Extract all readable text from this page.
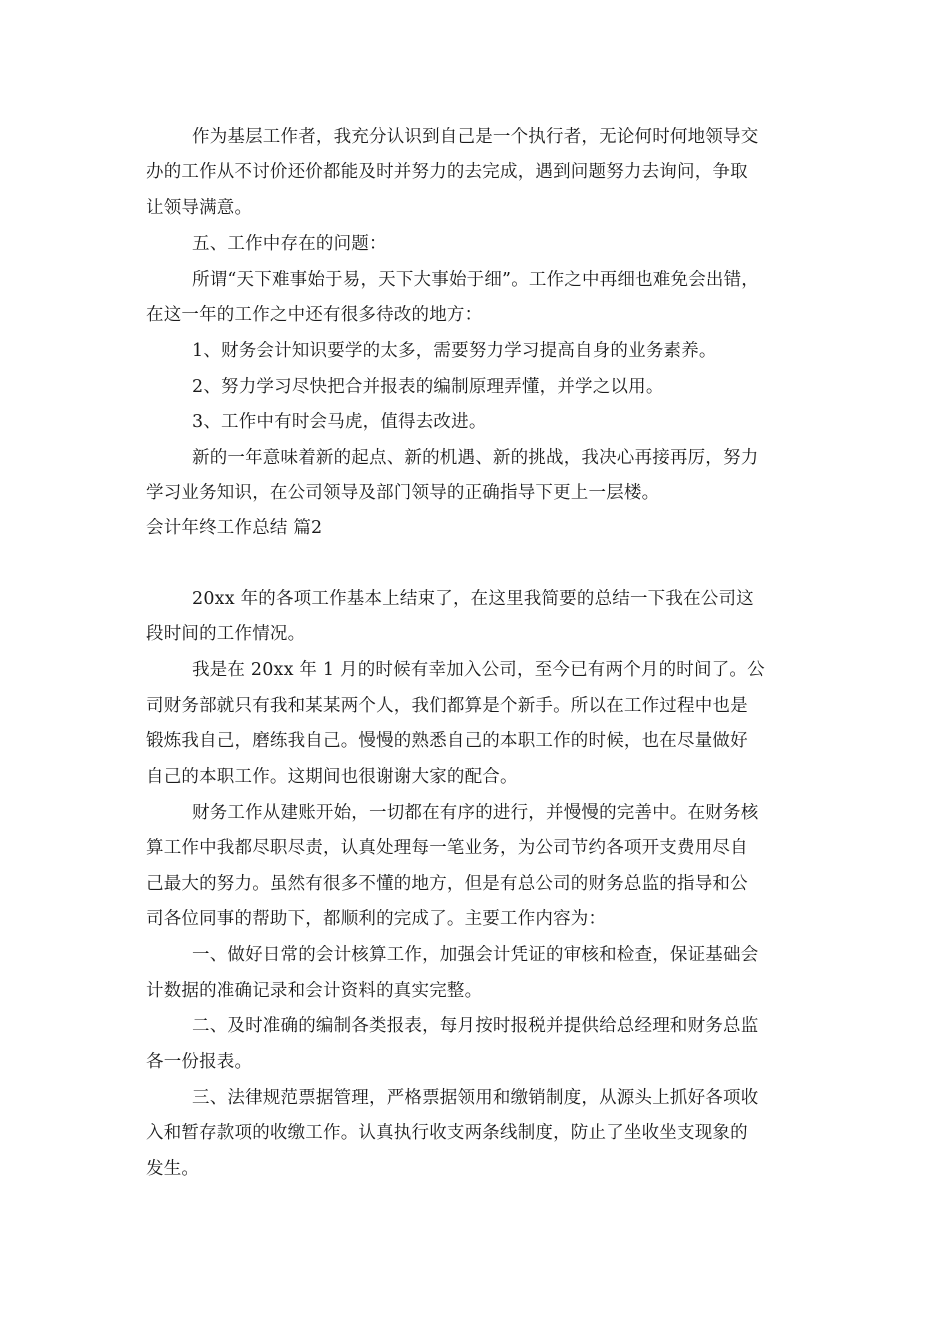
作为基层工作者，我充分认识到自己是一个执行者，无论何时何地领导交
办的工作从不讨价还价都能及时并努力的去完成，遇到问题努力去询问，争取
让领导满意。
五、工作中存在的问题：
所谓“天下难事始于易，天下大事始于细”。工作之中再细也难免会出错，
在这一年的工作之中还有很多待改的地方：
1、财务会计知识要学的太多，需要努力学习提高自身的业务素养。
2、努力学习尽快把合并报表的编制原理弄懂，并学之以用。
3、工作中有时会马虎，值得去改进。
新的一年意味着新的起点、新的机遇、新的挑战，我决心再接再厉，努力
学习业务知识，在公司领导及部门领导的正确指导下更上一层楼。
会计年终工作总结 篇2
20xx 年的各项工作基本上结束了，在这里我简要的总结一下我在公司这
段时间的工作情况。
我是在 20xx 年 1 月的时候有幸加入公司，至今已有两个月的时间了。公
司财务部就只有我和某某两个人，我们都算是个新手。所以在工作过程中也是
锻炼我自己，磨练我自己。慢慢的熟悉自己的本职工作的时候，也在尽量做好
自己的本职工作。这期间也很谢谢大家的配合。
财务工作从建账开始，一切都在有序的进行，并慢慢的完善中。在财务核
算工作中我都尽职尽责，认真处理每一笔业务，为公司节约各项开支费用尽自
己最大的努力。虽然有很多不懂的地方，但是有总公司的财务总监的指导和公
司各位同事的帮助下，都顺利的完成了。主要工作内容为：
一、做好日常的会计核算工作，加强会计凭证的审核和检查，保证基础会
计数据的准确记录和会计资料的真实完整。
二、及时准确的编制各类报表，每月按时报税并提供给总经理和财务总监
各一份报表。
三、法律规范票据管理，严格票据领用和缴销制度，从源头上抓好各项收
入和暂存款项的收缴工作。认真执行收支两条线制度，防止了坐收坐支现象的
发生。
